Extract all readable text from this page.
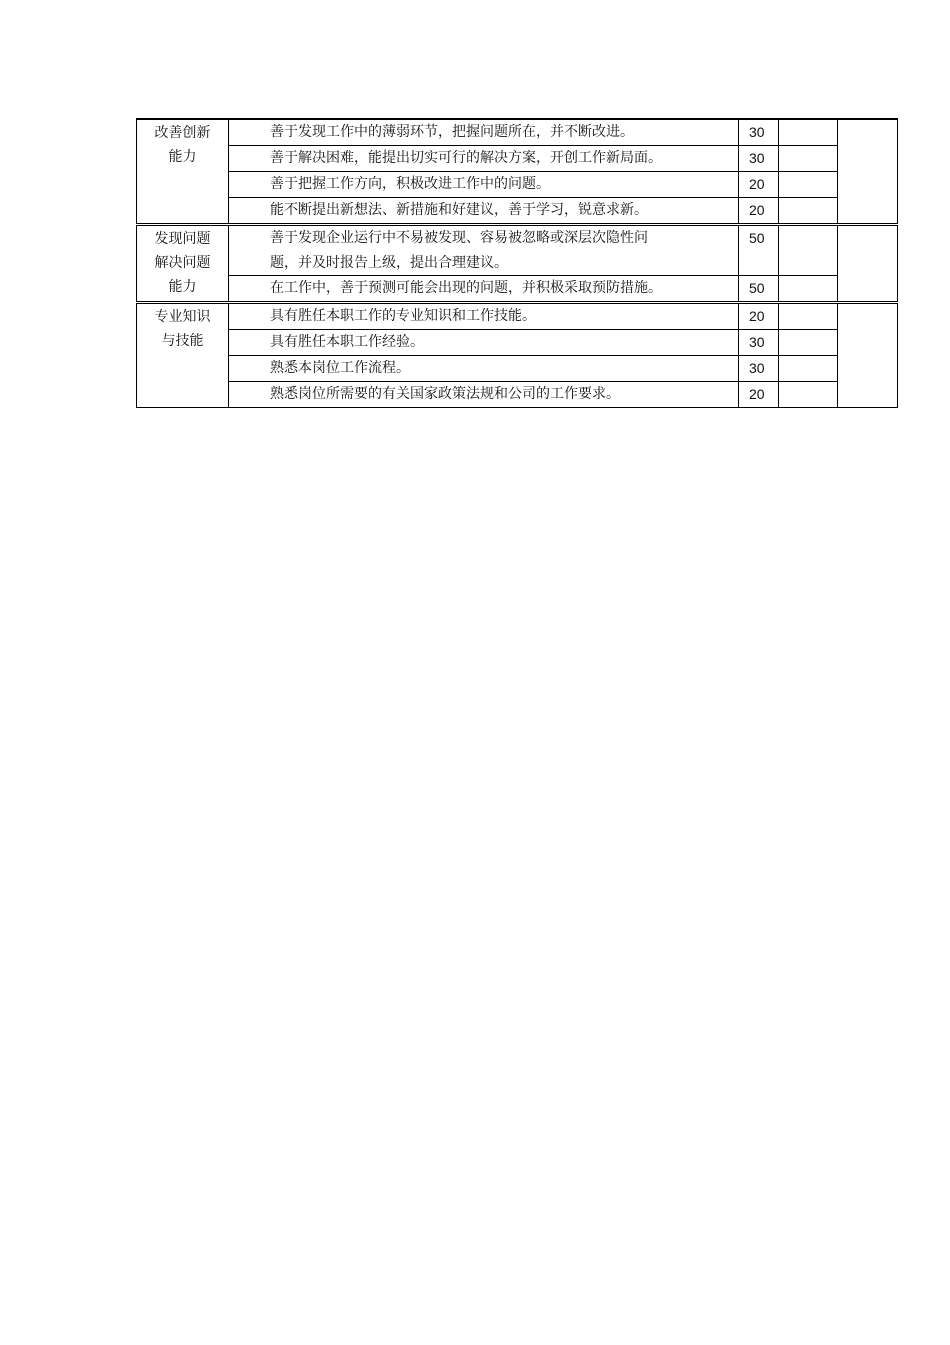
改善创新
能力	善于发现工作中的薄弱环节，把握问题所在，并不断改进。	30		
	善于解决困难，能提出切实可行的解决方案，开创工作新局面。	30		
	善于把握工作方向，积极改进工作中的问题。	20		
	能不断提出新想法、新措施和好建议，善于学习，锐意求新。	20		

发现问题
解决问题
能力	善于发现企业运行中不易被发现、容易被忽略或深层次隐性问
题，并及时报告上级，提出合理建议。	50		
	在工作中，善于预测可能会出现的问题，并积极采取预防措施。	50		

专业知识
与技能	具有胜任本职工作的专业知识和工作技能。	20		
	具有胜任本职工作经验。	30		
	熟悉本岗位工作流程。	30		
	熟悉岗位所需要的有关国家政策法规和公司的工作要求。	20		
